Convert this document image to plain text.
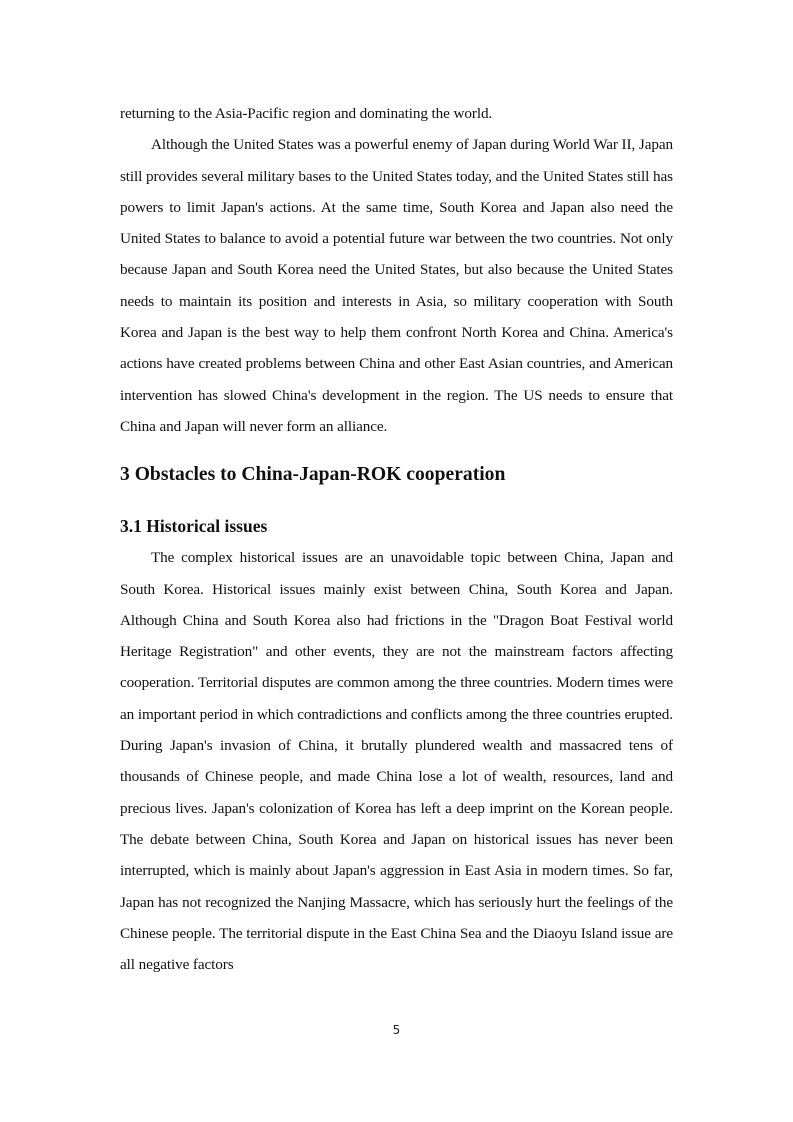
returning to the Asia-Pacific region and dominating the world.

Although the United States was a powerful enemy of Japan during World War II, Japan still provides several military bases to the United States today, and the United States still has powers to limit Japan's actions. At the same time, South Korea and Japan also need the United States to balance to avoid a potential future war between the two countries. Not only because Japan and South Korea need the United States, but also because the United States needs to maintain its position and interests in Asia, so military cooperation with South Korea and Japan is the best way to help them confront North Korea and China. America's actions have created problems between China and other East Asian countries, and American intervention has slowed China's development in the region. The US needs to ensure that China and Japan will never form an alliance.

3 Obstacles to China-Japan-ROK cooperation
3.1 Historical issues

The complex historical issues are an unavoidable topic between China, Japan and South Korea. Historical issues mainly exist between China, South Korea and Japan. Although China and South Korea also had frictions in the "Dragon Boat Festival world Heritage Registration" and other events, they are not the mainstream factors affecting cooperation. Territorial disputes are common among the three countries. Modern times were an important period in which contradictions and conflicts among the three countries erupted. During Japan's invasion of China, it brutally plundered wealth and massacred tens of thousands of Chinese people, and made China lose a lot of wealth, resources, land and precious lives. Japan's colonization of Korea has left a deep imprint on the Korean people. The debate between China, South Korea and Japan on historical issues has never been interrupted, which is mainly about Japan's aggression in East Asia in modern times. So far, Japan has not recognized the Nanjing Massacre, which has seriously hurt the feelings of the Chinese people. The territorial dispute in the East China Sea and the Diaoyu Island issue are all negative factors

5
